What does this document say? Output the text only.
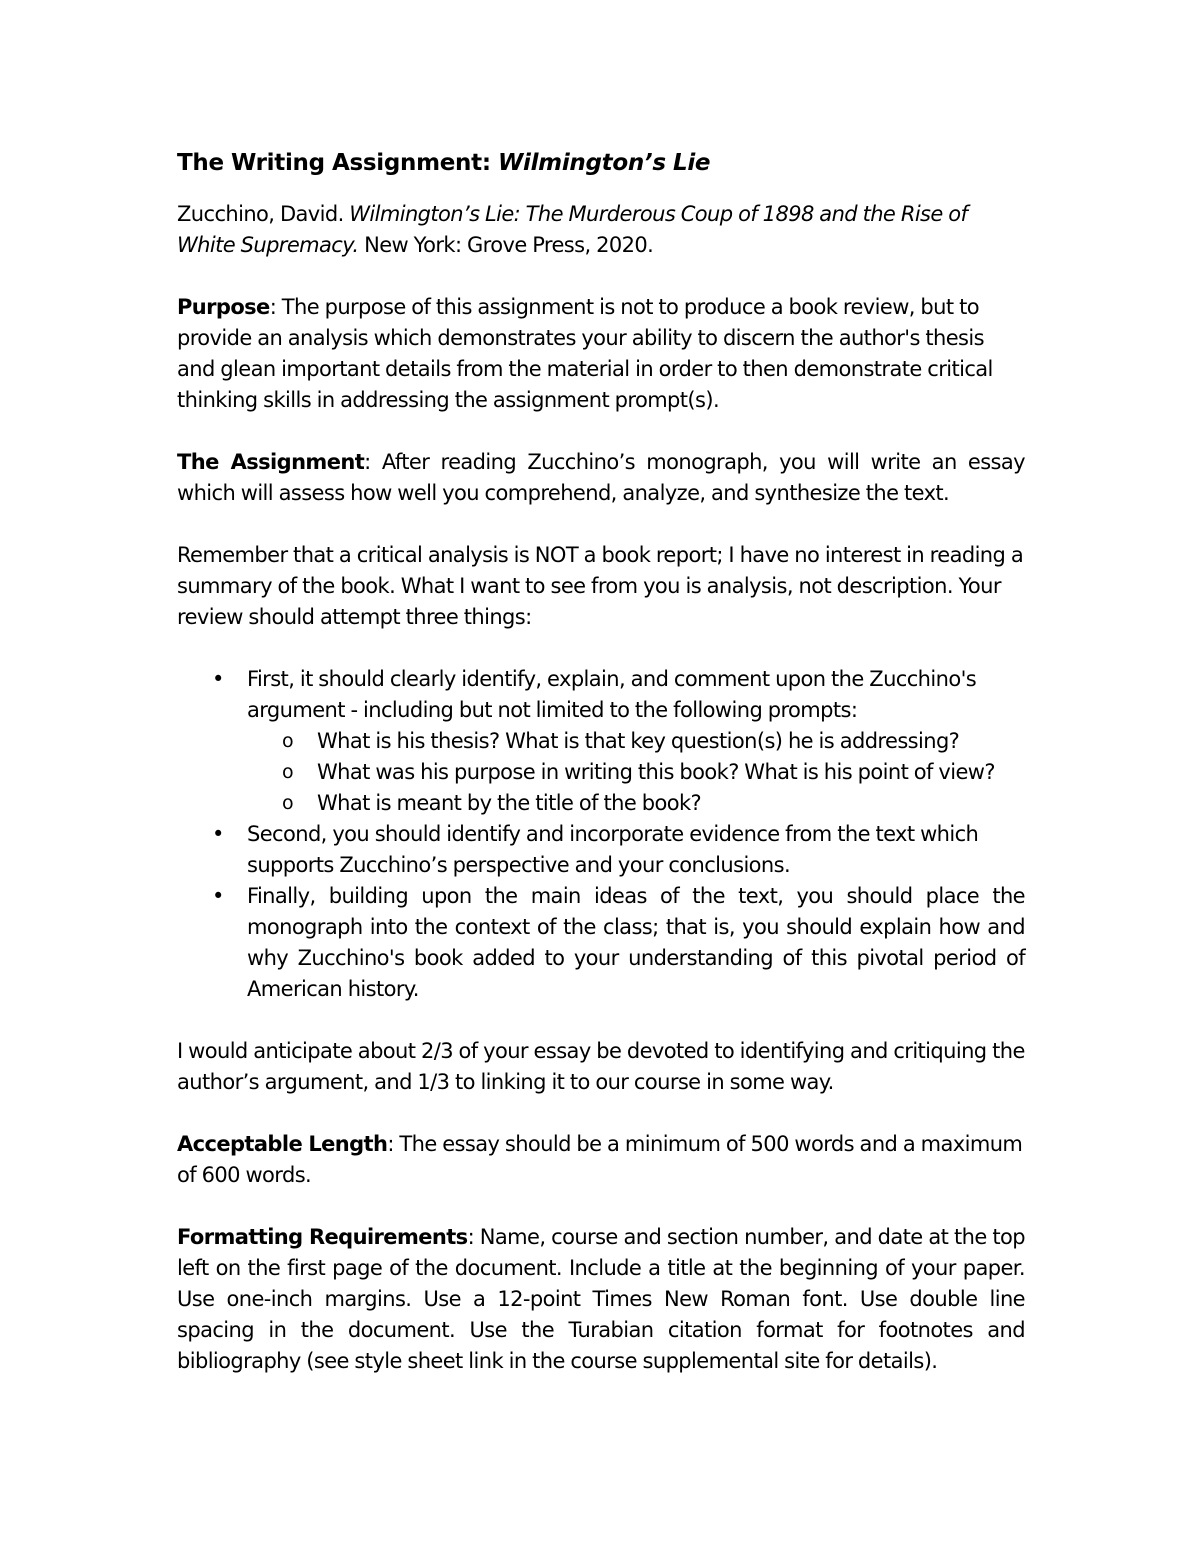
The Writing Assignment: Wilmington’s Lie

Zucchino, David. Wilmington’s Lie: The Murderous Coup of 1898 and the Rise of White Supremacy. New York: Grove Press, 2020.

Purpose: The purpose of this assignment is not to produce a book review, but to provide an analysis which demonstrates your ability to discern the author's thesis and glean important details from the material in order to then demonstrate critical thinking skills in addressing the assignment prompt(s).

The Assignment: After reading Zucchino’s monograph, you will write an essay which will assess how well you comprehend, analyze, and synthesize the text.

Remember that a critical analysis is NOT a book report; I have no interest in reading a summary of the book. What I want to see from you is analysis, not description. Your review should attempt three things:

• First, it should clearly identify, explain, and comment upon the Zucchino's argument - including but not limited to the following prompts:
o What is his thesis? What is that key question(s) he is addressing?
o What was his purpose in writing this book? What is his point of view?
o What is meant by the title of the book?
• Second, you should identify and incorporate evidence from the text which supports Zucchino’s perspective and your conclusions.
• Finally, building upon the main ideas of the text, you should place the monograph into the context of the class; that is, you should explain how and why Zucchino's book added to your understanding of this pivotal period of American history.

I would anticipate about 2/3 of your essay be devoted to identifying and critiquing the author’s argument, and 1/3 to linking it to our course in some way.

Acceptable Length: The essay should be a minimum of 500 words and a maximum of 600 words.

Formatting Requirements: Name, course and section number, and date at the top left on the first page of the document. Include a title at the beginning of your paper. Use one-inch margins. Use a 12-point Times New Roman font. Use double line spacing in the document. Use the Turabian citation format for footnotes and bibliography (see style sheet link in the course supplemental site for details).
